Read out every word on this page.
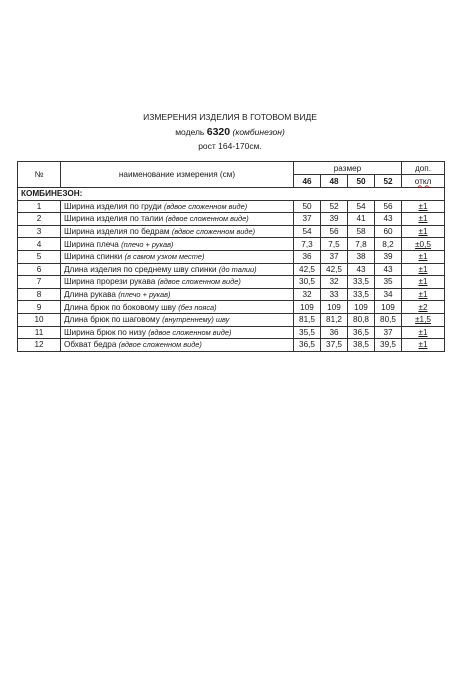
ИЗМЕРЕНИЯ ИЗДЕЛИЯ В ГОТОВОМ ВИДЕ
модель 6320 (комбинезон)
рост 164-170см.
№	наименование измерения (см)	размер				доп.
		46	48	50	52	откл
КОМБИНЕЗОН:						
1	Ширина изделия по груди (вдвое сложенном виде)	50	52	54	56	±1
2	Ширина изделия по талии (вдвое сложенном виде)	37	39	41	43	±1
3	Ширина изделия по бедрам (вдвое сложенном виде)	54	56	58	60	±1
4	Ширина плеча (плечо + рукав)	7,3	7,5	7,8	8,2	±0,5
5	Ширина спинки (в самом узком месте)	36	37	38	39	±1
6	Длина изделия по среднему шву спинки (до талии)	42,5	42,5	43	43	±1
7	Ширина прорези рукава (вдвое сложенном виде)	30,5	32	33,5	35	±1
8	Длина рукава (плечо + рукав)	32	33	33,5	34	±1
9	Длина брюк по боковому шву (без пояса)	109	109	109	109	±2
10	Длина брюк по шаговому (внутреннему) шву	81,5	81,2	80,8	80,5	±1,5
11	Ширина брюк по низу (вдвое сложенном виде)	35,5	36	36,5	37	±1
12	Обхват бедра (вдвое сложенном виде)	36,5	37,5	38,5	39,5	±1
